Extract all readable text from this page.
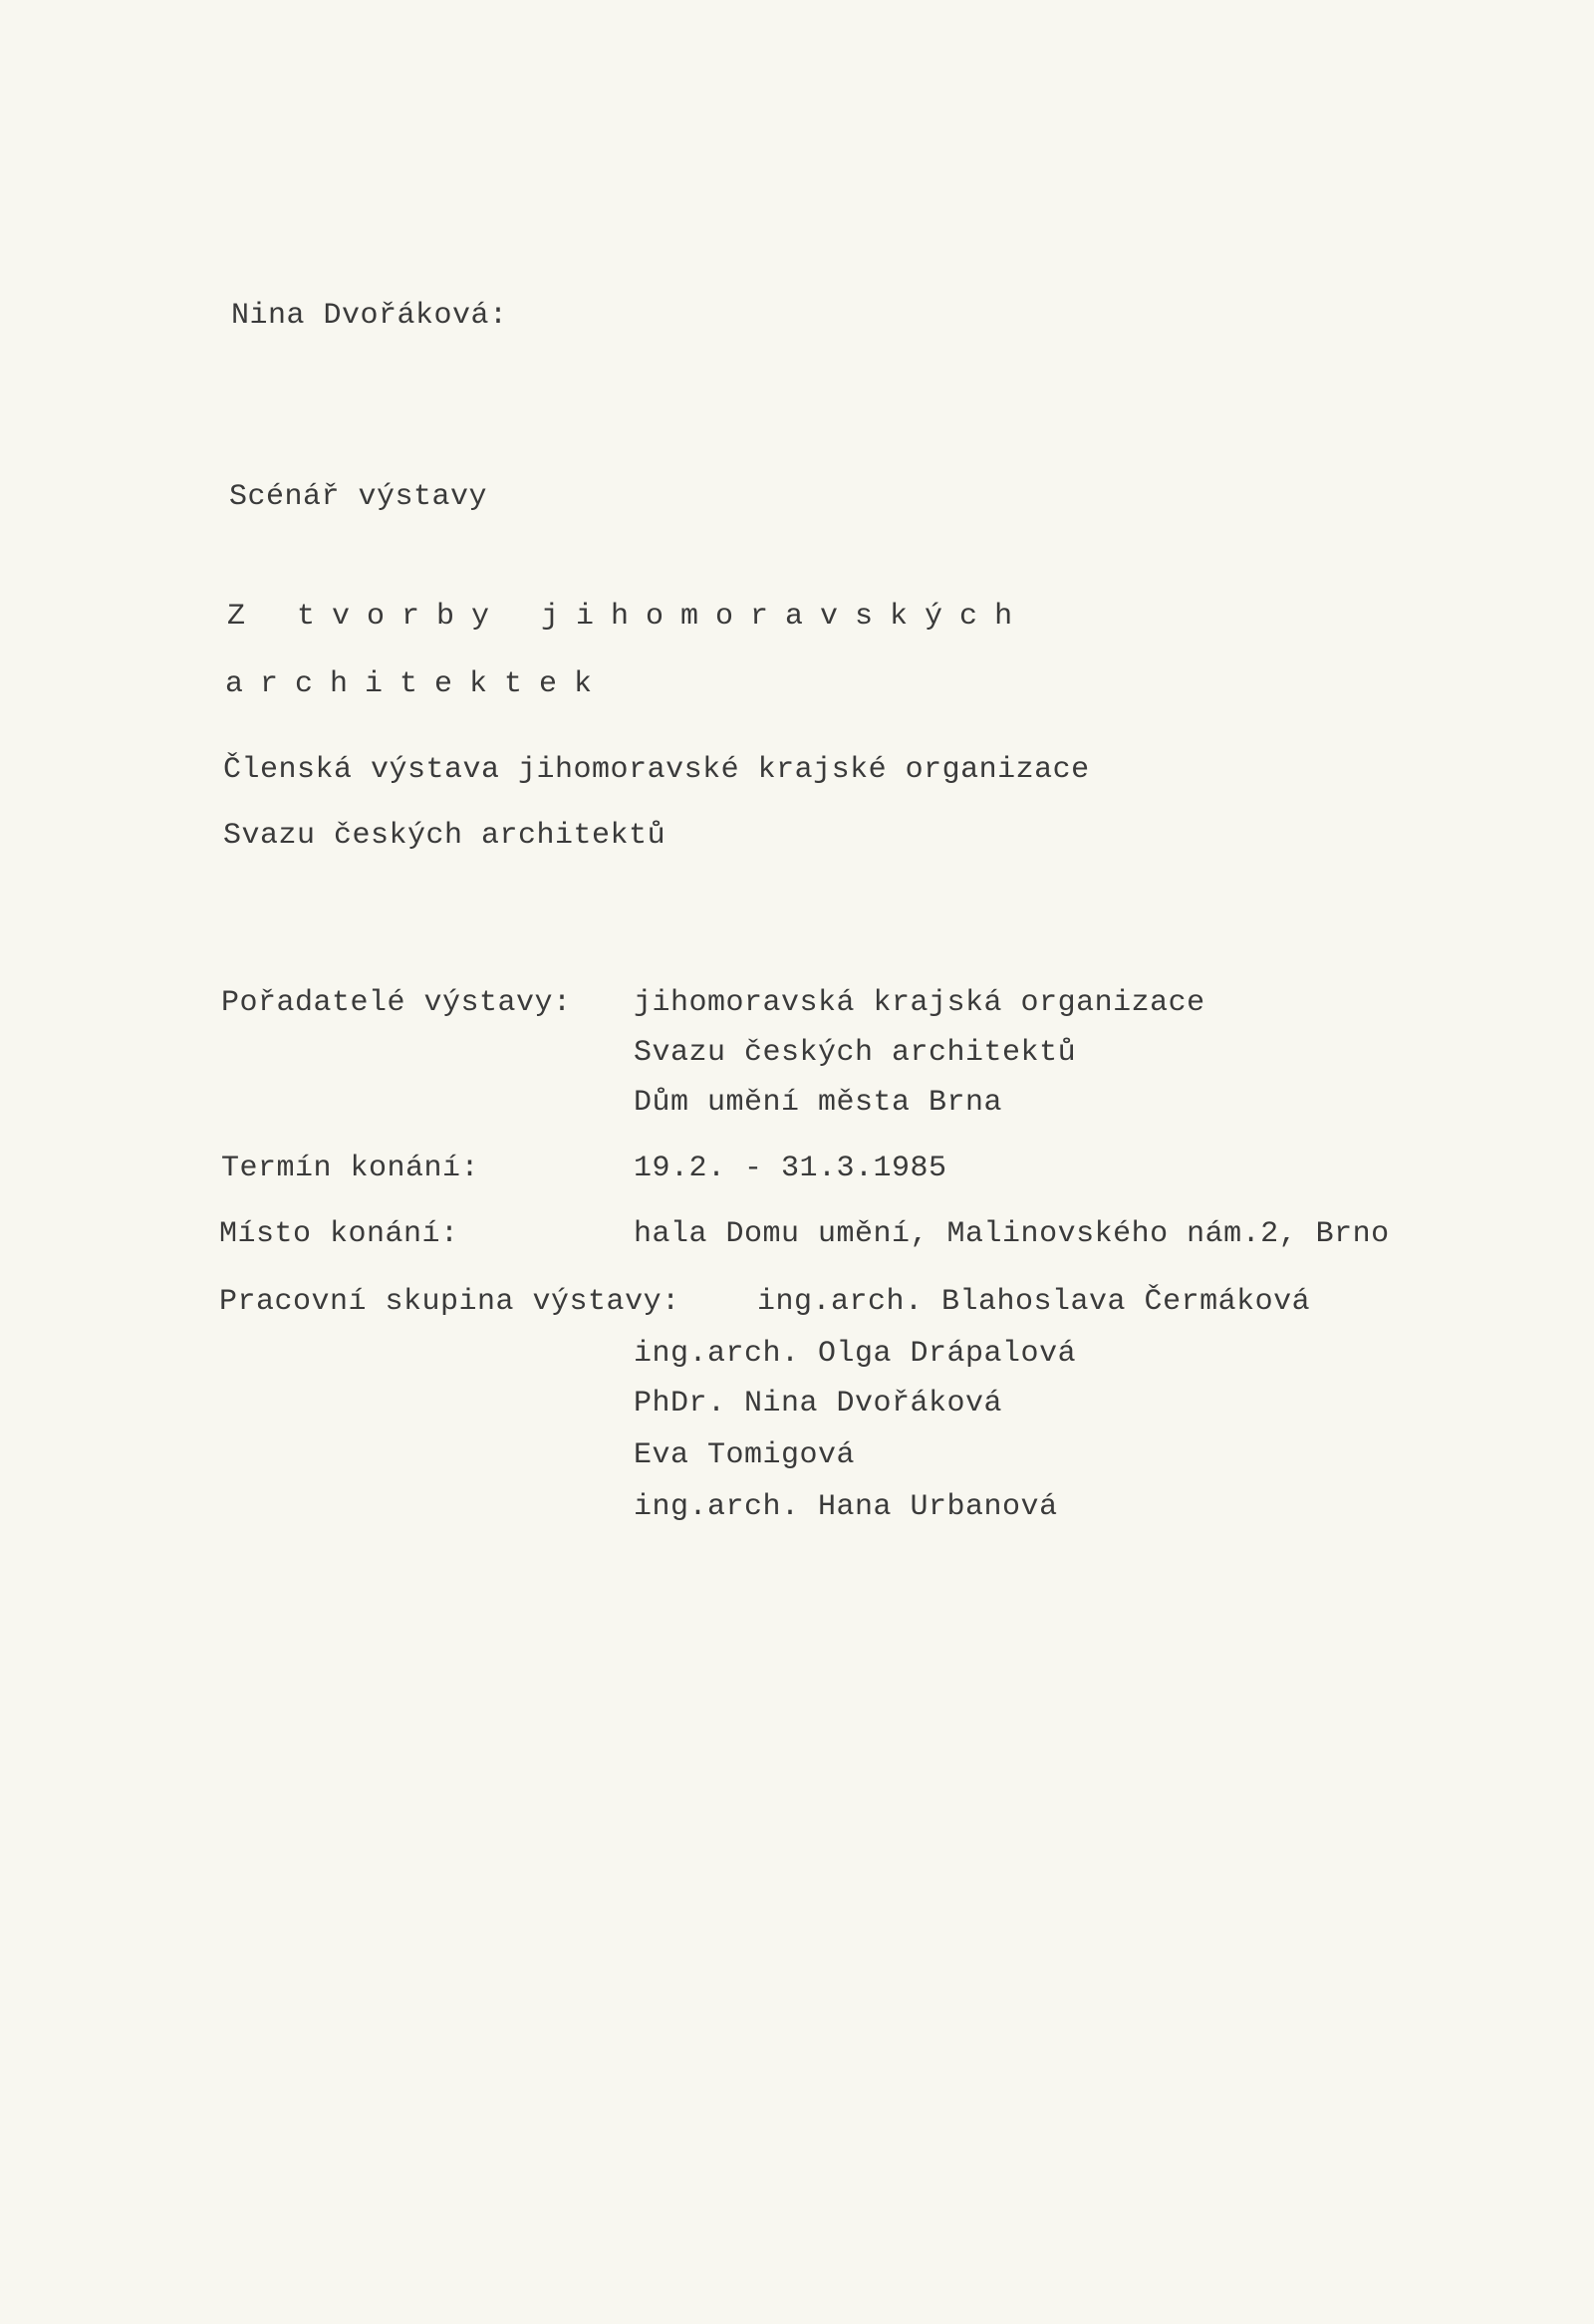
Nina Dvořáková:
Scénář výstavy
Z tvorby jihomoravských
architektek
Členská výstava jihomoravské krajské organizace
Svazu českých architektů
Pořadatelé výstavy: jihomoravská krajská organizace
Svazu českých architektů
Dům umění města Brna
Termín konání:	19.2. - 31.3.1985
Místo konání:	hala Domu umění, Malinovského nám.2, Brno
Pracovní skupina výstavy:	ing.arch. Blahoslava Čermáková
ing.arch. Olga Drápalová
PhDr. Nina Dvořáková
Eva Tomigová
ing.arch. Hana Urbanová
